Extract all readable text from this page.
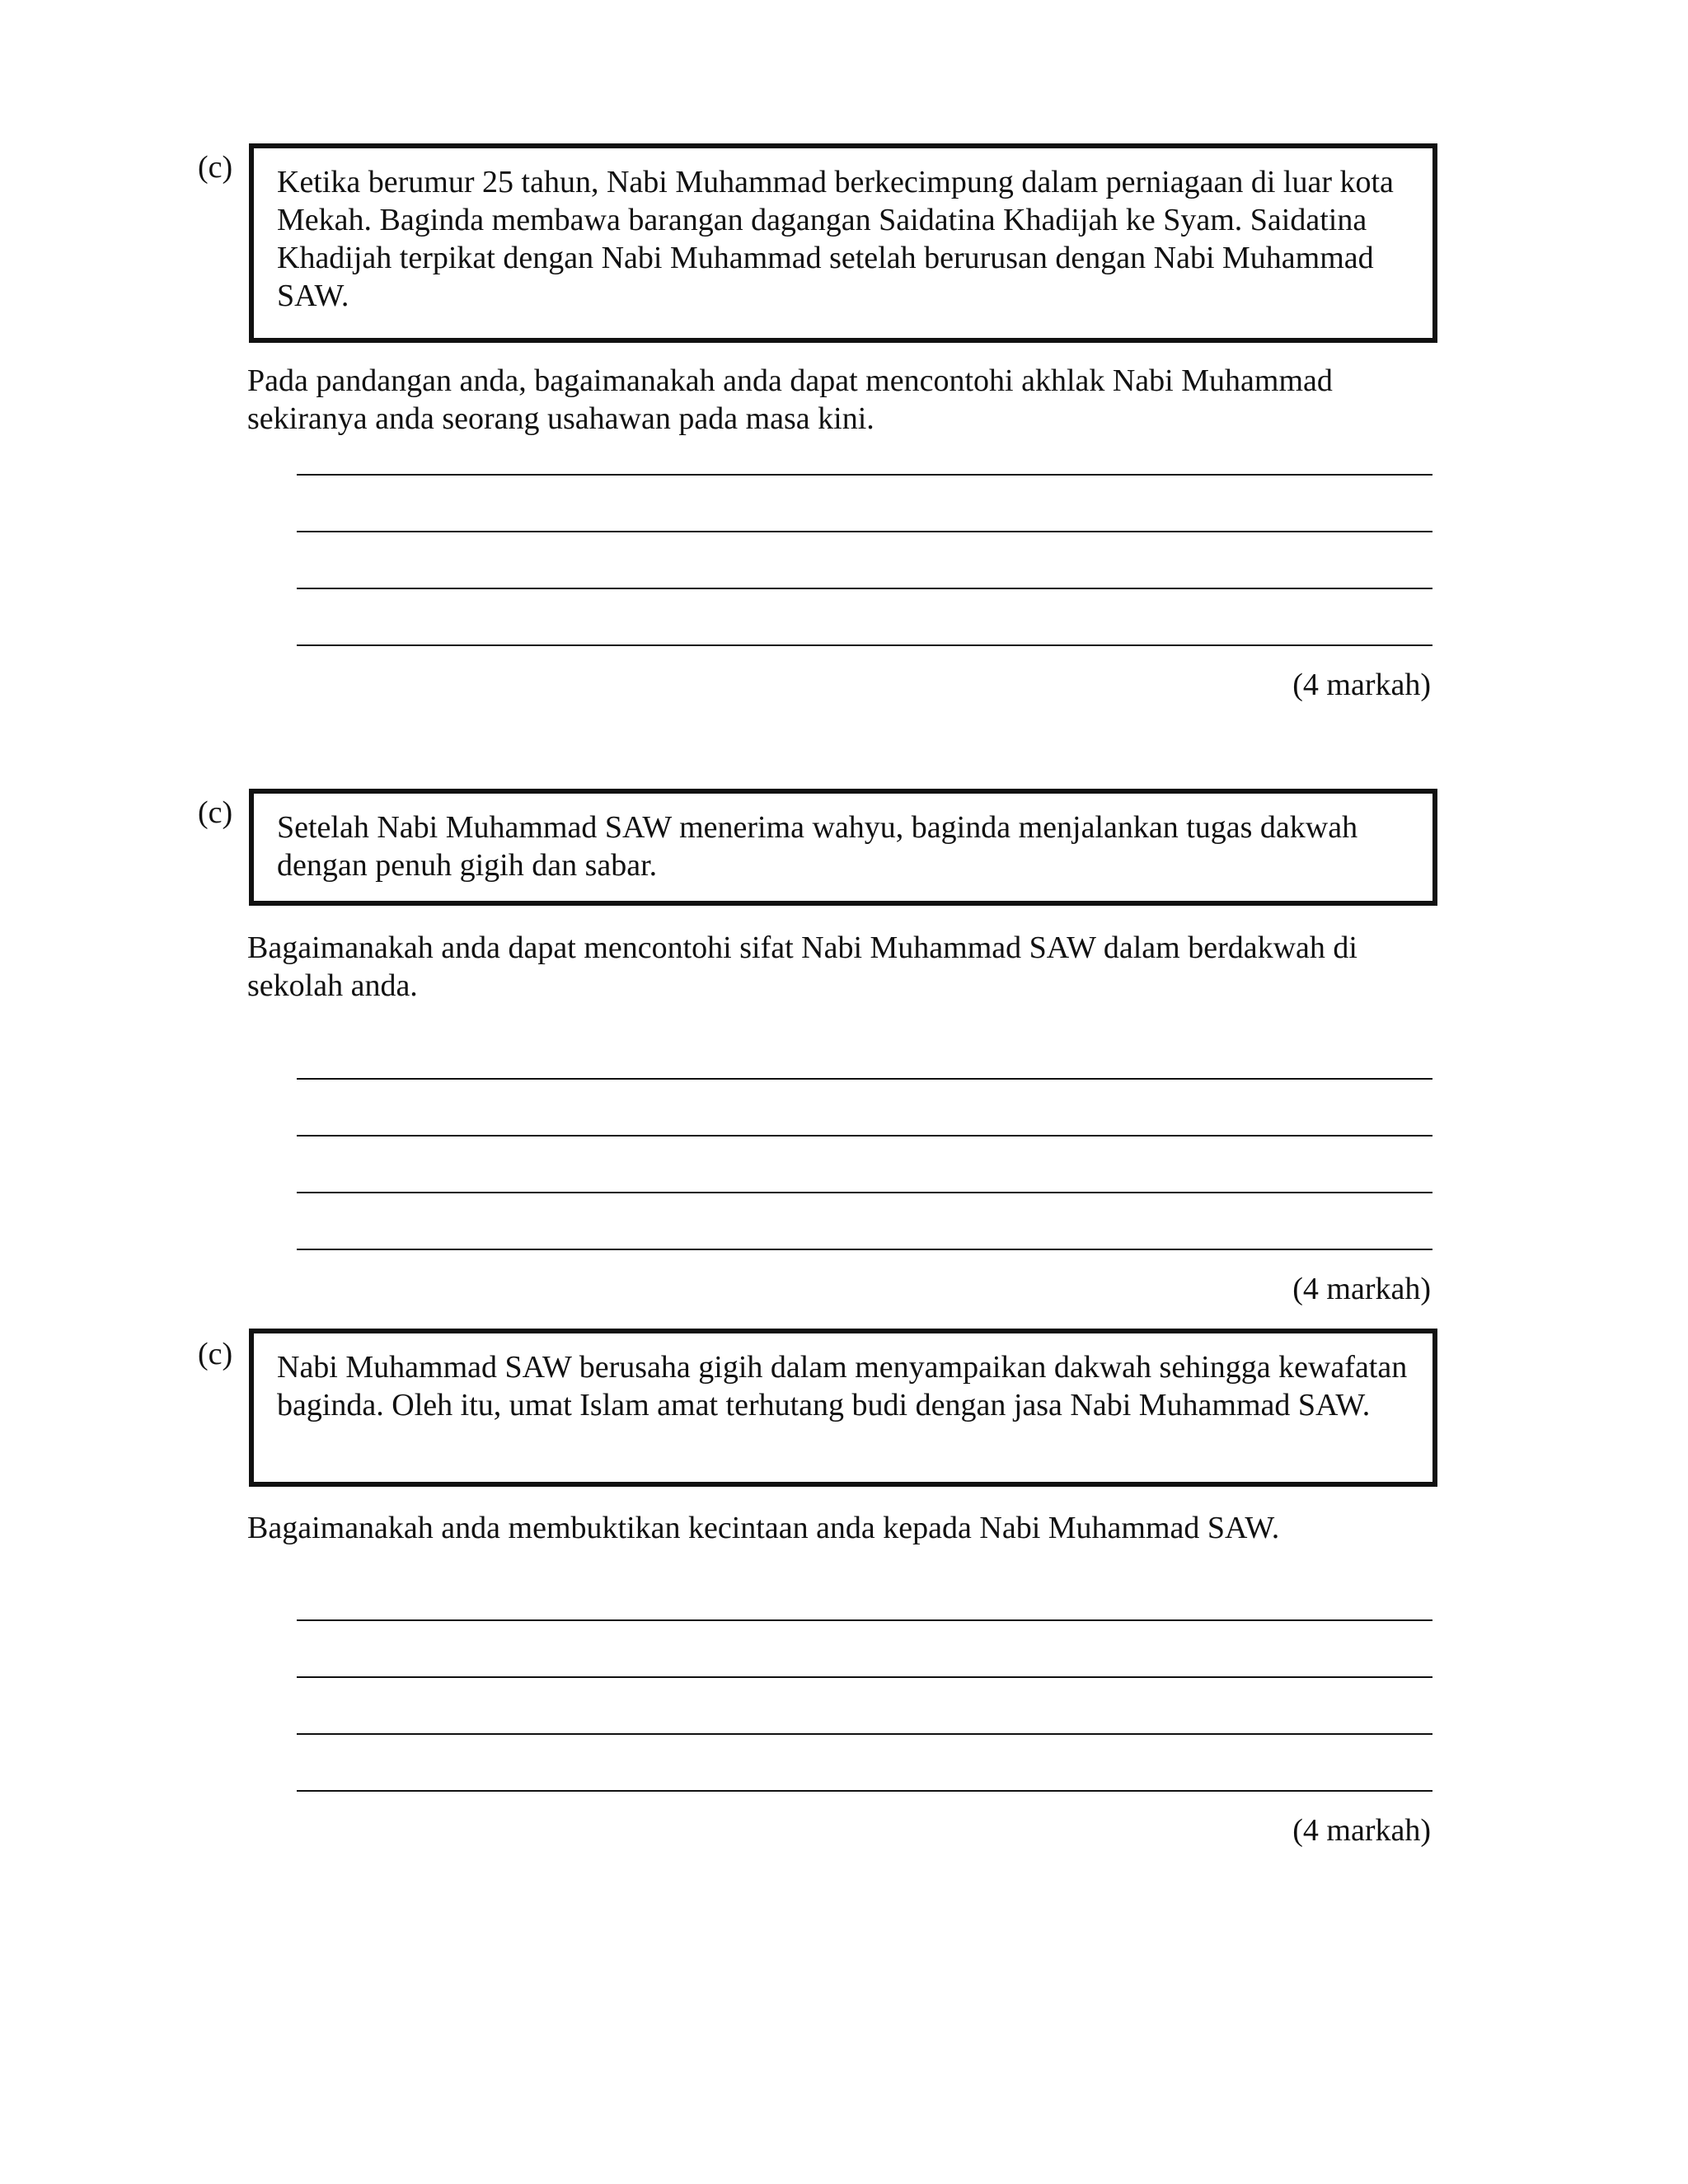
(c) Ketika berumur 25 tahun, Nabi Muhammad berkecimpung dalam perniagaan di luar kota Mekah. Baginda membawa barangan dagangan Saidatina Khadijah ke Syam. Saidatina Khadijah terpikat dengan Nabi Muhammad setelah berurusan dengan Nabi Muhammad SAW.

Pada pandangan anda, bagaimanakah anda dapat mencontohi akhlak Nabi Muhammad sekiranya anda seorang usahawan pada masa kini.

(4 markah)
(c) Setelah Nabi Muhammad SAW menerima wahyu, baginda menjalankan tugas dakwah dengan penuh gigih dan sabar.

Bagaimanakah anda dapat mencontohi sifat Nabi Muhammad SAW dalam berdakwah di sekolah anda.

(4 markah)
(c) Nabi Muhammad SAW berusaha gigih dalam menyampaikan dakwah sehingga kewafatan baginda. Oleh itu, umat Islam amat terhutang budi dengan jasa Nabi Muhammad SAW.

Bagaimanakah anda membuktikan kecintaan anda kepada Nabi Muhammad SAW.

(4 markah)
